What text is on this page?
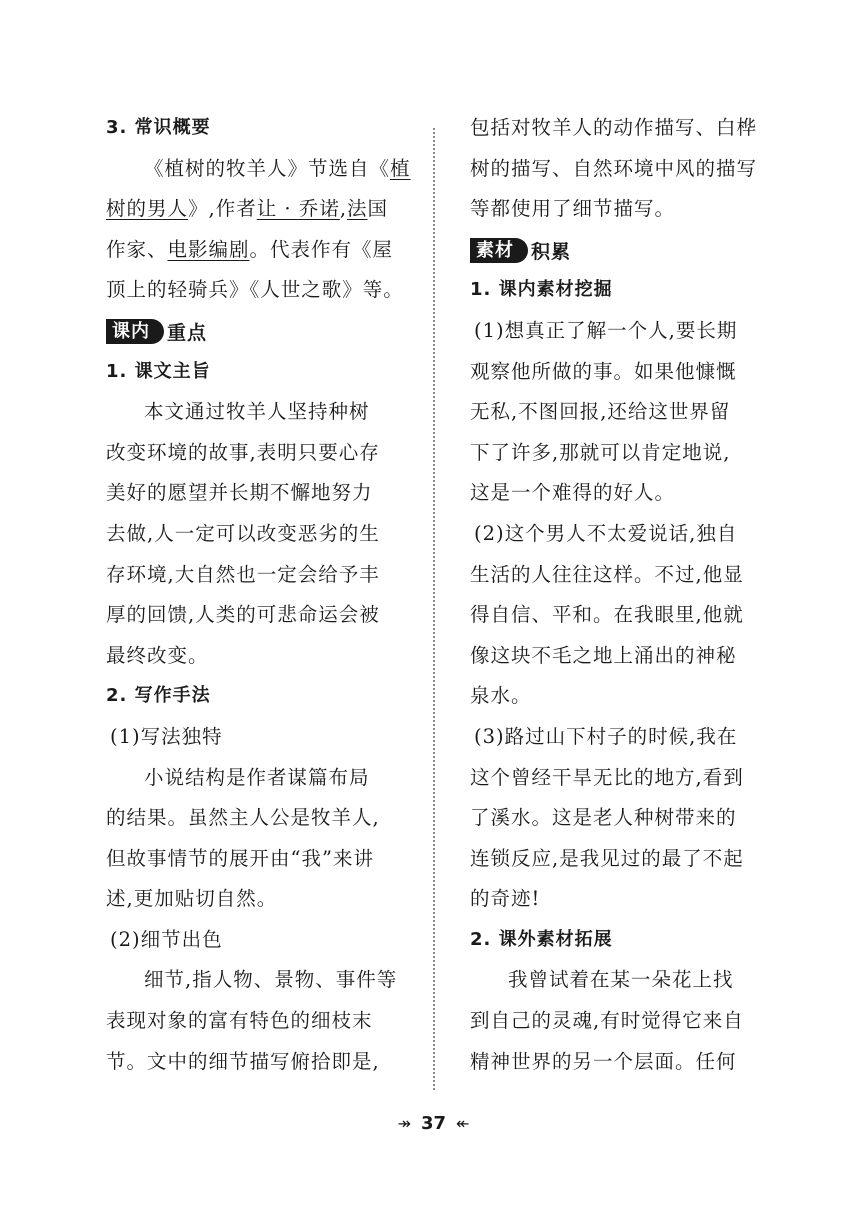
3. 常识概要
《植树的牧羊人》节选自《植
树的男人》,作者让 · 乔诺,法国
作家、电影编剧。代表作有《屋
顶上的轻骑兵》《人世之歌》等。
课内 重点
1. 课文主旨
本文通过牧羊人坚持种树
改变环境的故事,表明只要心存
美好的愿望并长期不懈地努力
去做,人一定可以改变恶劣的生
存环境,大自然也一定会给予丰
厚的回馈,人类的可悲命运会被
最终改变。
2. 写作手法
(1)写法独特
小说结构是作者谋篇布局
的结果。虽然主人公是牧羊人,
但故事情节的展开由“我”来讲
述,更加贴切自然。
(2)细节出色
细节,指人物、景物、事件等
表现对象的富有特色的细枝末
节。文中的细节描写俯拾即是,
包括对牧羊人的动作描写、白桦
树的描写、自然环境中风的描写
等都使用了细节描写。
素材 积累
1. 课内素材挖掘
(1)想真正了解一个人,要长期
观察他所做的事。如果他慷慨
无私,不图回报,还给这世界留
下了许多,那就可以肯定地说,
这是一个难得的好人。
(2)这个男人不太爱说话,独自
生活的人往往这样。不过,他显
得自信、平和。在我眼里,他就
像这块不毛之地上涌出的神秘
泉水。
(3)路过山下村子的时候,我在
这个曾经干旱无比的地方,看到
了溪水。这是老人种树带来的
连锁反应,是我见过的最了不起
的奇迹!
2. 课外素材拓展
我曾试着在某一朵花上找
到自己的灵魂,有时觉得它来自
精神世界的另一个层面。任何
↠ 37 ↞
